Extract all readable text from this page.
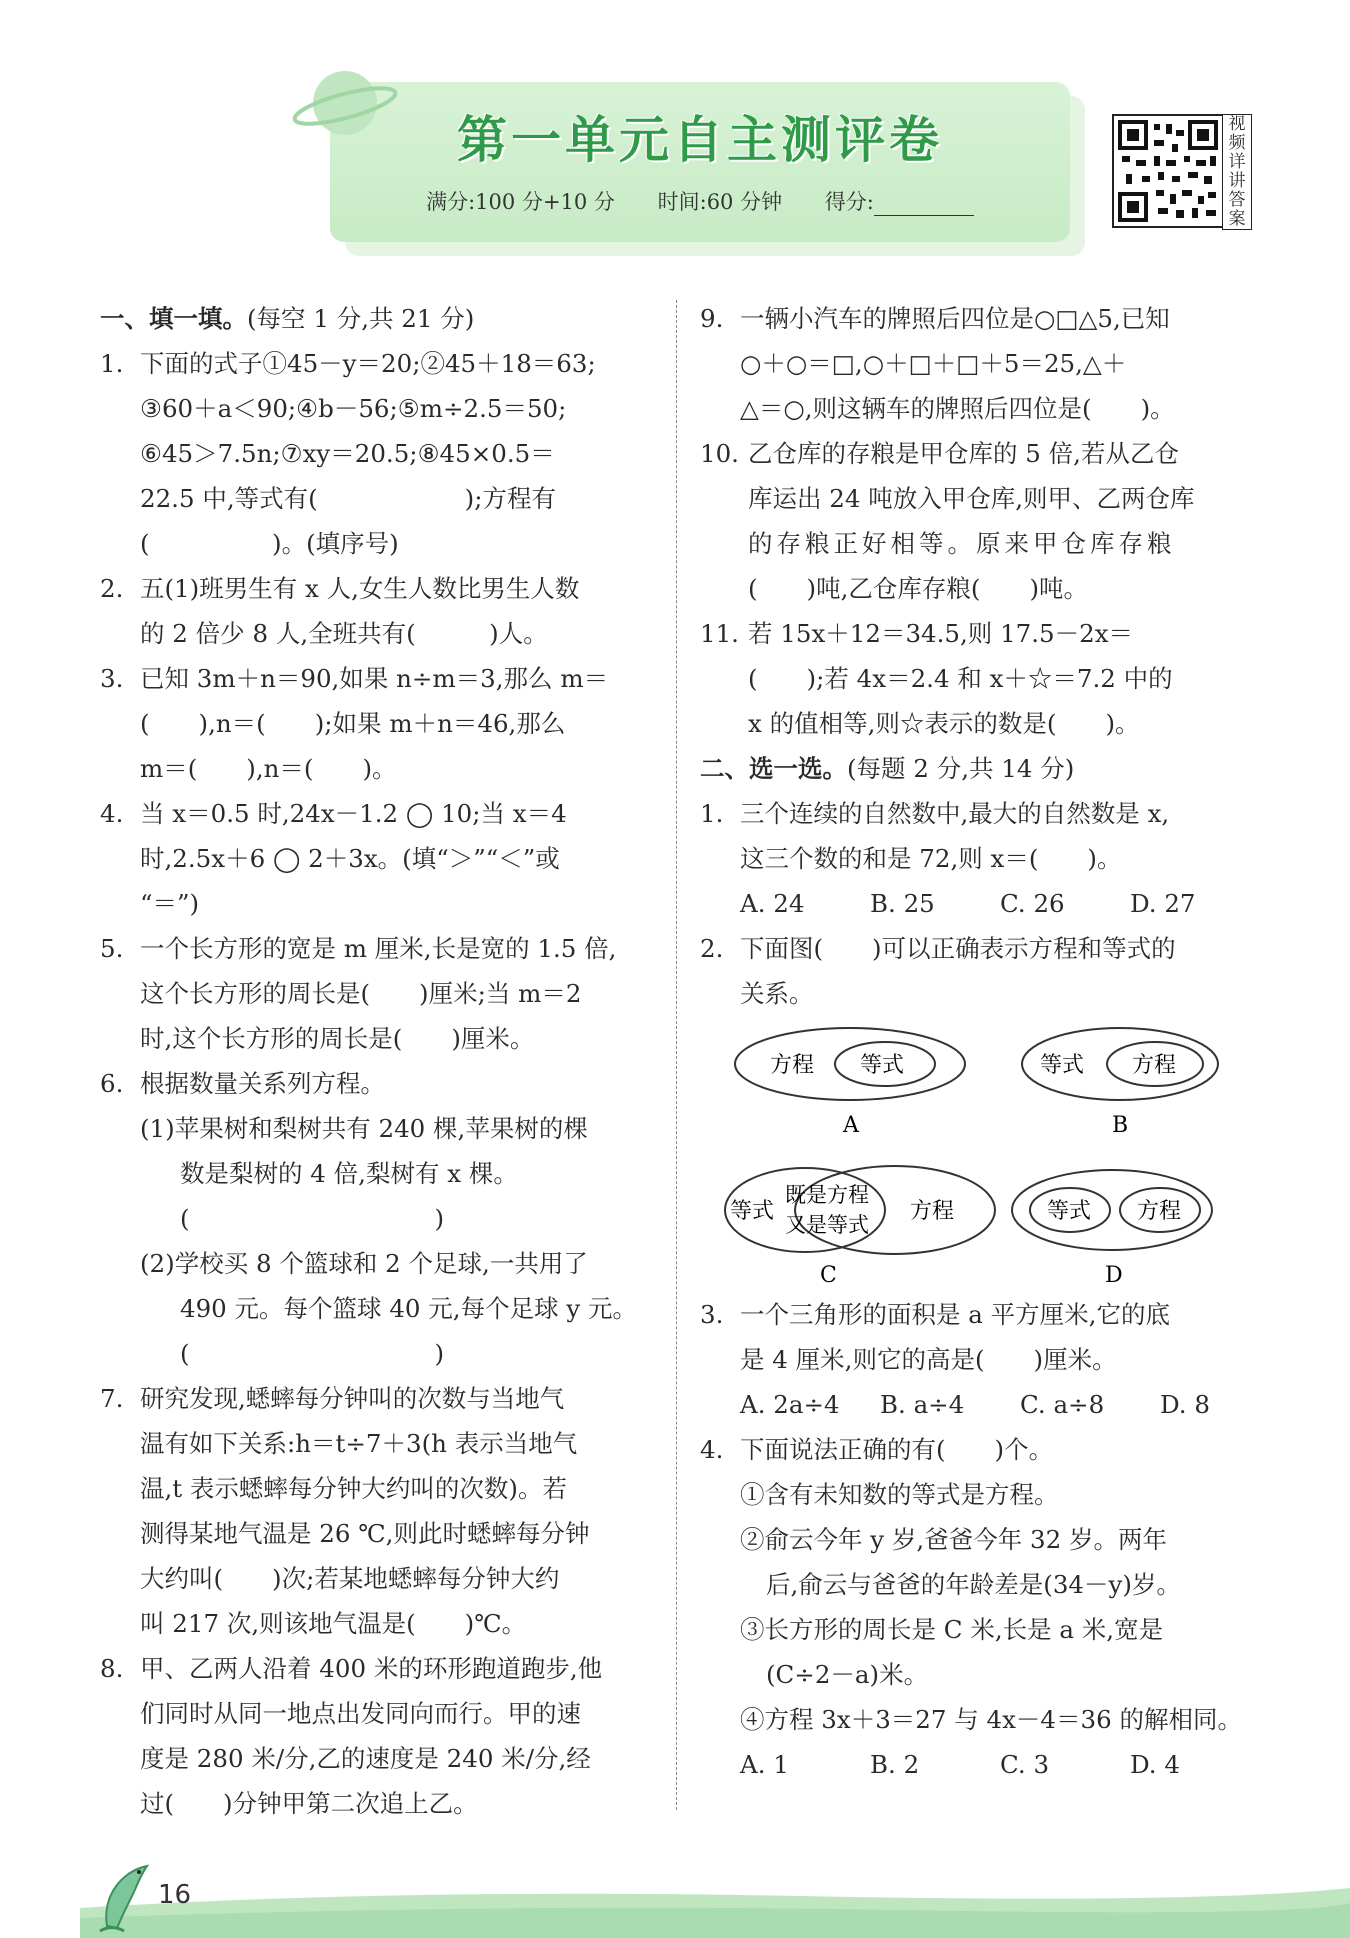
第一单元自主测评卷
满分:100 分+10 分 时间:60 分钟 得分:
视频详讲答案
一、填一填。(每空 1 分,共 21 分)
1. 下面的式子①45－y＝20;②45＋18＝63;
③60＋a＜90;④b－56;⑤m÷2.5＝50;
⑥45＞7.5n;⑦xy＝20.5;⑧45×0.5＝
22.5 中,等式有(　　　　　　);方程有
(　　　　　)。(填序号)
2. 五(1)班男生有 x 人,女生人数比男生人数
的 2 倍少 8 人,全班共有(　　　)人。
3. 已知 3m＋n＝90,如果 n÷m＝3,那么 m＝
(　　),n＝(　　);如果 m＋n＝46,那么
m＝(　　),n＝(　　)。
4. 当 x＝0.5 时,24x－1.2 ◯ 10;当 x＝4
时,2.5x＋6 ◯ 2＋3x。(填“＞”“＜”或
“＝”)
5. 一个长方形的宽是 m 厘米,长是宽的 1.5 倍,
这个长方形的周长是(　　)厘米;当 m＝2
时,这个长方形的周长是(　　)厘米。
6. 根据数量关系列方程。
(1)苹果树和梨树共有 240 棵,苹果树的棵
数是梨树的 4 倍,梨树有 x 棵。
(　　　　　　　　　　)
(2)学校买 8 个篮球和 2 个足球,一共用了
490 元。每个篮球 40 元,每个足球 y 元。
(　　　　　　　　　　)
7. 研究发现,蟋蟀每分钟叫的次数与当地气
温有如下关系:h＝t÷7＋3(h 表示当地气
温,t 表示蟋蟀每分钟大约叫的次数)。若
测得某地气温是 26 ℃,则此时蟋蟀每分钟
大约叫(　　)次;若某地蟋蟀每分钟大约
叫 217 次,则该地气温是(　　)℃。
8. 甲、乙两人沿着 400 米的环形跑道跑步,他
们同时从同一地点出发同向而行。甲的速
度是 280 米/分,乙的速度是 240 米/分,经
过(　　)分钟甲第二次追上乙。
9. 一辆小汽车的牌照后四位是○□△5,已知
○＋○＝□,○＋□＋□＋5＝25,△＋
△＝○,则这辆车的牌照后四位是(　　)。
10. 乙仓库的存粮是甲仓库的 5 倍,若从乙仓
库运出 24 吨放入甲仓库,则甲、乙两仓库
的存粮正好相等。原来甲仓库存粮
(　　)吨,乙仓库存粮(　　)吨。
11. 若 15x＋12＝34.5,则 17.5－2x＝
(　　);若 4x＝2.4 和 x＋☆＝7.2 中的
x 的值相等,则☆表示的数是(　　)。
二、选一选。(每题 2 分,共 14 分)
1. 三个连续的自然数中,最大的自然数是 x,
这三个数的和是 72,则 x＝(　　)。
A. 24	B. 25	C. 26	D. 27
2. 下面图(　　)可以正确表示方程和等式的
关系。
方程 等式
A
等式 方程
B
等式
既是方程
又是等式
方程
C
等式 方程
D
3. 一个三角形的面积是 a 平方厘米,它的底
是 4 厘米,则它的高是(　　)厘米。
A. 2a÷4	B. a÷4	C. a÷8	D. 8
4. 下面说法正确的有(　　)个。
①含有未知数的等式是方程。
②俞云今年 y 岁,爸爸今年 32 岁。两年
后,俞云与爸爸的年龄差是(34－y)岁。
③长方形的周长是 C 米,长是 a 米,宽是
(C÷2－a)米。
④方程 3x＋3＝27 与 4x－4＝36 的解相同。
A. 1	B. 2	C. 3	D. 4
16
